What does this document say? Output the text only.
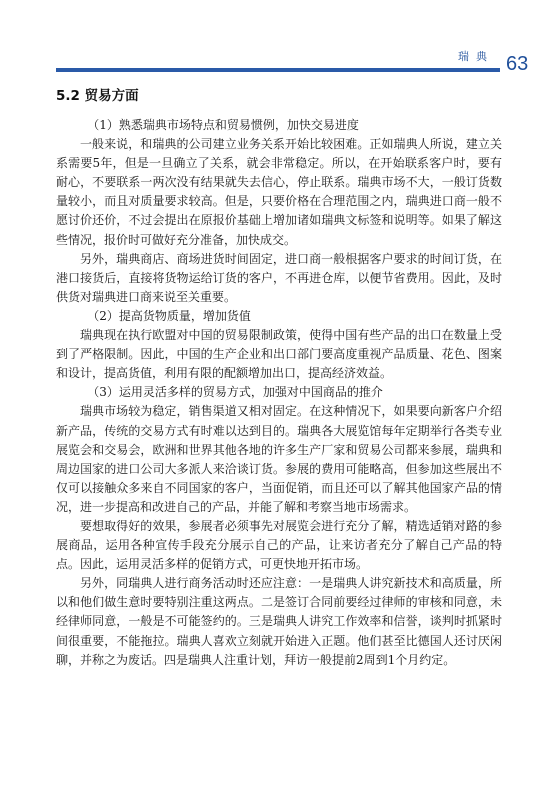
瑞典 63
5.2 贸易方面

（1）熟悉瑞典市场特点和贸易惯例，加快交易进度

一般来说，和瑞典的公司建立业务关系开始比较困难。正如瑞典人所说，建立关系需要5年，但是一旦确立了关系，就会非常稳定。所以，在开始联系客户时，要有耐心，不要联系一两次没有结果就失去信心，停止联系。瑞典市场不大，一般订货数量较小，而且对质量要求较高。但是，只要价格在合理范围之内，瑞典进口商一般不愿讨价还价，不过会提出在原报价基础上增加诸如瑞典文标签和说明等。如果了解这些情况，报价时可做好充分准备，加快成交。

另外，瑞典商店、商场进货时间固定，进口商一般根据客户要求的时间订货，在港口接货后，直接将货物运给订货的客户，不再进仓库，以便节省费用。因此，及时供货对瑞典进口商来说至关重要。

（2）提高货物质量，增加货值

瑞典现在执行欧盟对中国的贸易限制政策，使得中国有些产品的出口在数量上受到了严格限制。因此，中国的生产企业和出口部门要高度重视产品质量、花色、图案和设计，提高货值，利用有限的配额增加出口，提高经济效益。

（3）运用灵活多样的贸易方式，加强对中国商品的推介

瑞典市场较为稳定，销售渠道又相对固定。在这种情况下，如果要向新客户介绍新产品，传统的交易方式有时难以达到目的。瑞典各大展览馆每年定期举行各类专业展览会和交易会，欧洲和世界其他各地的许多生产厂家和贸易公司都来参展，瑞典和周边国家的进口公司大多派人来洽谈订货。参展的费用可能略高，但参加这些展出不仅可以接触众多来自不同国家的客户，当面促销，而且还可以了解其他国家产品的情况，进一步提高和改进自己的产品，并能了解和考察当地市场需求。

要想取得好的效果，参展者必须事先对展览会进行充分了解，精选适销对路的参展商品，运用各种宣传手段充分展示自己的产品，让来访者充分了解自己产品的特点。因此，运用灵活多样的促销方式，可更快地开拓市场。

另外，同瑞典人进行商务活动时还应注意：一是瑞典人讲究新技术和高质量，所以和他们做生意时要特别注重这两点。二是签订合同前要经过律师的审核和同意，未经律师同意，一般是不可能签约的。三是瑞典人讲究工作效率和信誉，谈判时抓紧时间很重要，不能拖拉。瑞典人喜欢立刻就开始进入正题。他们甚至比德国人还讨厌闲聊，并称之为废话。四是瑞典人注重计划，拜访一般提前2周到1个月约定。
